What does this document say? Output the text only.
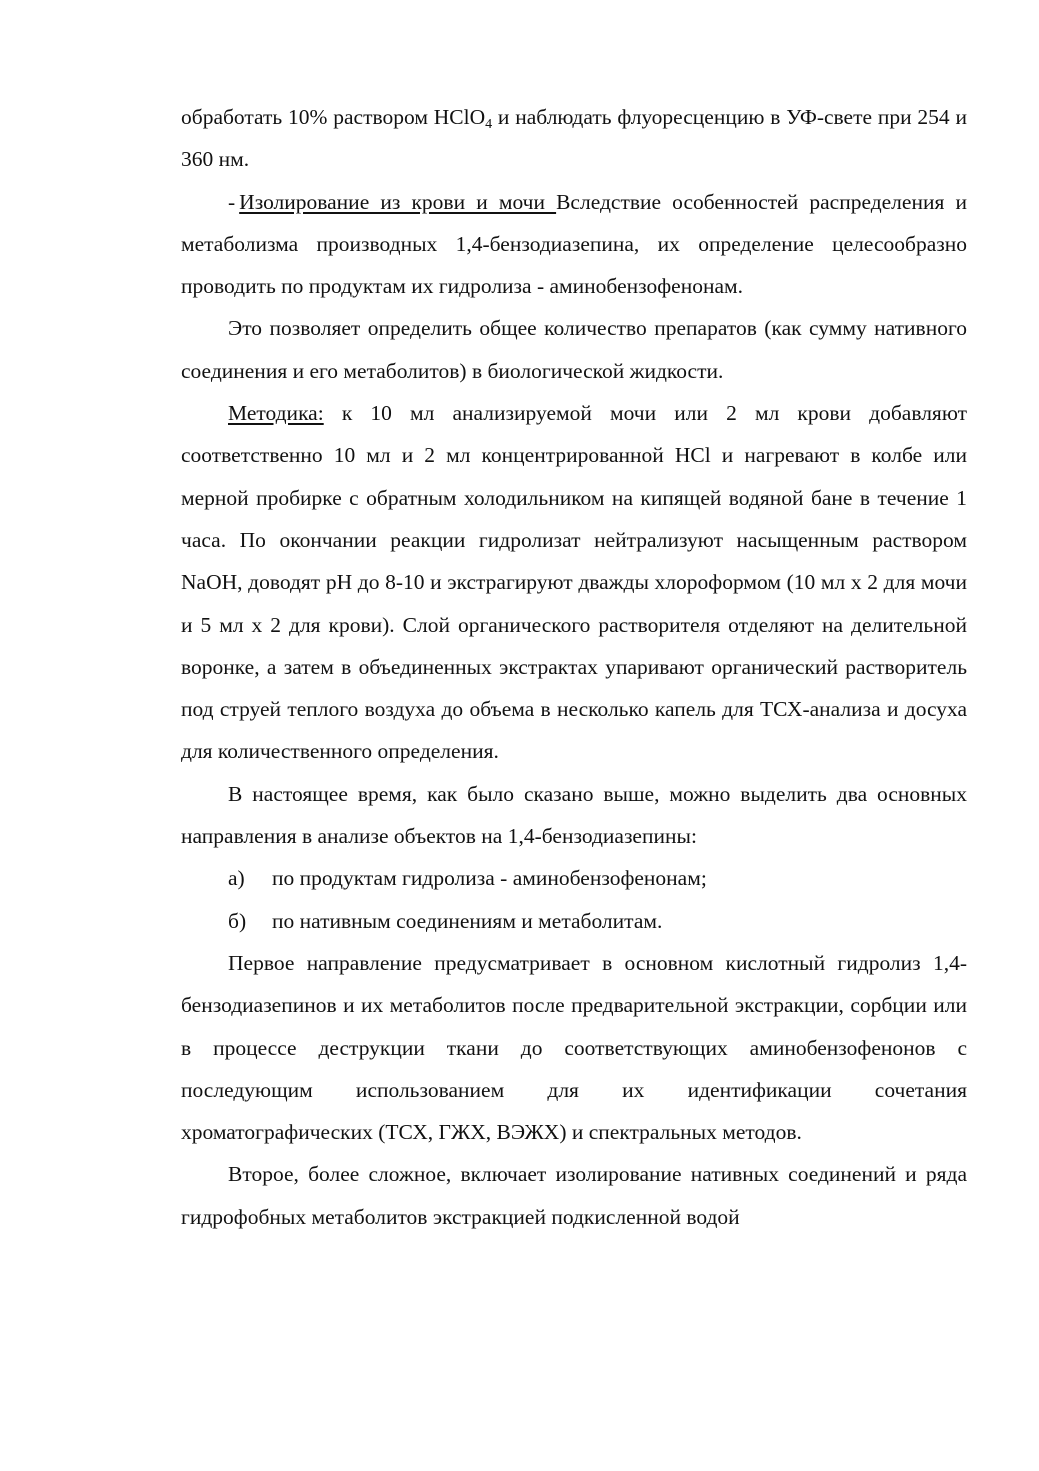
обработать 10% раствором HClO$_4$ и наблюдать флуоресценцию в УФ-свете при 254 и 360 нм.

- Изолирование из крови и мочи Вследствие особенностей распределения и метаболизма производных 1,4-бензодиазепина, их определение целесообразно проводить по продуктам их гидролиза - аминобензофенонам.

Это позволяет определить общее количество препаратов (как сумму нативного соединения и его метаболитов) в биологической жидкости.

Методика: к 10 мл анализируемой мочи или 2 мл крови добавляют соответственно 10 мл и 2 мл концентрированной HCl и нагревают в колбе или мерной пробирке с обратным холодильником на кипящей водяной бане в течение 1 часа. По окончании реакции гидролизат нейтрализуют насыщенным раствором NaOH, доводят pH до 8-10 и экстрагируют дважды хлороформом (10 мл х 2 для мочи и 5 мл х 2 для крови). Слой органического растворителя отделяют на делительной воронке, а затем в объединенных экстрактах упаривают органический растворитель под струей теплого воздуха до объема в несколько капель для ТСХ-анализа и досуха для количественного определения.

В настоящее время, как было сказано выше, можно выделить два основных направления в анализе объектов на 1,4-бензодиазепины:

а)	по продуктам гидролиза - аминобензофенонам;
б)	по нативным соединениям и метаболитам.

Первое направление предусматривает в основном кислотный гидролиз 1,4-бензодиазепинов и их метаболитов после предварительной экстракции, сорбции или в процессе деструкции ткани до соответствующих аминобензофенонов с последующим использованием для их идентификации сочетания хроматографических (ТСХ, ГЖХ, ВЭЖХ) и спектральных методов.

Второе, более сложное, включает изолирование нативных соединений и ряда гидрофобных метаболитов экстракцией подкисленной водой
